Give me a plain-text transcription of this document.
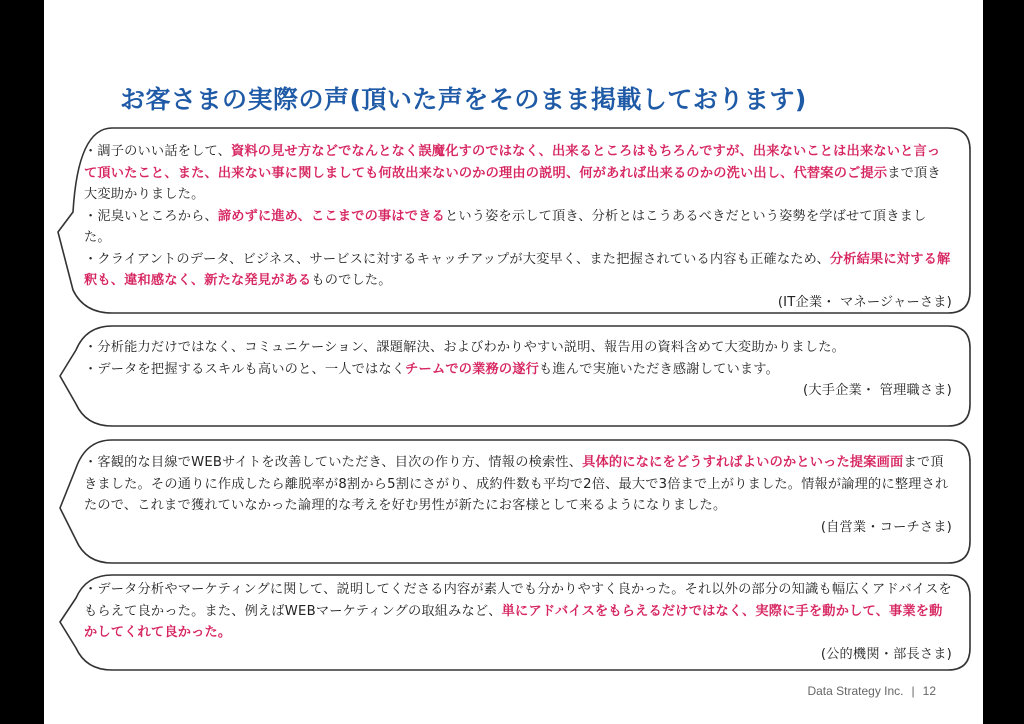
お客さまの実際の声(頂いた声をそのまま掲載しております)

・調子のいい話をして、資料の見せ方などでなんとなく誤魔化すのではなく、出来るところはもちろんですが、出来ないことは出来ないと言って頂いたこと、また、出来ない事に関しましても何故出来ないのかの理由の説明、何があれば出来るのかの洗い出し、代替案のご提示まで頂き大変助かりました。

・泥臭いところから、諦めずに進め、ここまでの事はできるという姿を示して頂き、分析とはこうあるべきだという姿勢を学ばせて頂きました。

・クライアントのデータ、ビジネス、サービスに対するキャッチアップが大変早く、また把握されている内容も正確なため、分析結果に対する解釈も、違和感なく、新たな発見があるものでした。

(IT企業・ マネージャーさま)

・分析能力だけではなく、コミュニケーション、課題解決、およびわかりやすい説明、報告用の資料含めて大変助かりました。

・データを把握するスキルも高いのと、一人ではなくチームでの業務の遂行も進んで実施いただき感謝しています。

(大手企業・ 管理職さま)

・客観的な目線でWEBサイトを改善していただき、目次の作り方、情報の検索性、具体的になにをどうすればよいのかといった提案画面まで頂きました。その通りに作成したら離脱率が8割から5割にさがり、成約件数も平均で2倍、最大で3倍まで上がりました。情報が論理的に整理されたので、これまで獲れていなかった論理的な考えを好む男性が新たにお客様として来るようになりました。

(自営業・コーチさま)

・データ分析やマーケティングに関して、説明してくださる内容が素人でも分かりやすく良かった。それ以外の部分の知識も幅広くアドバイスをもらえて良かった。また、例えばWEBマーケティングの取組みなど、単にアドバイスをもらえるだけではなく、実際に手を動かして、事業を動かしてくれて良かった。

(公的機関・部長さま)

Data Strategy Inc. | 12
